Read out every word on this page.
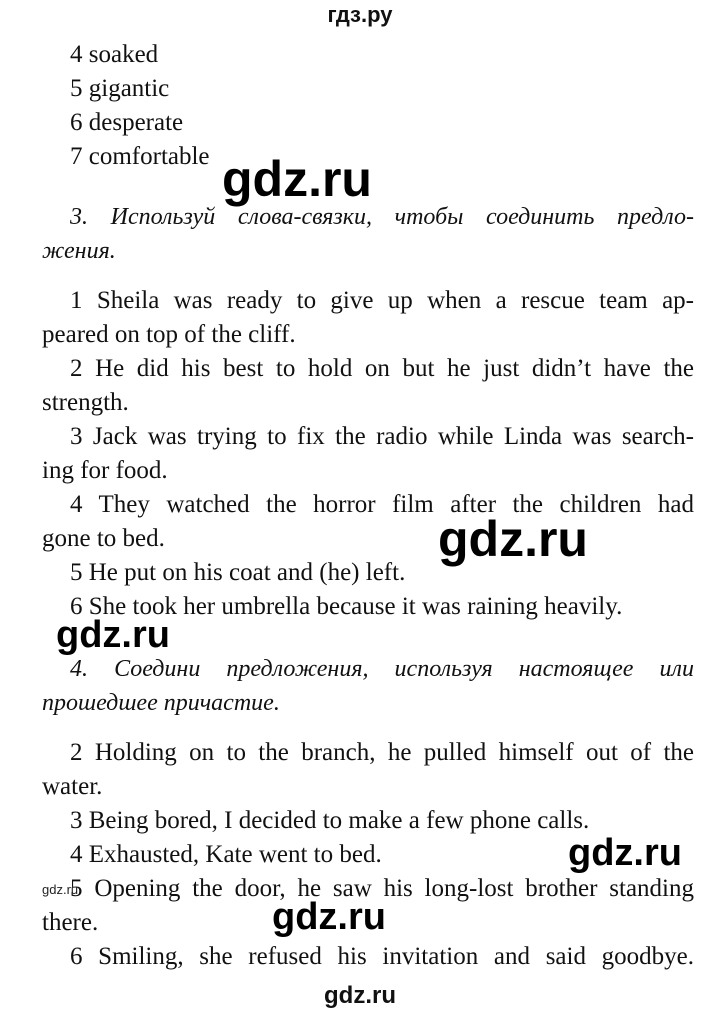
гдз.ру
4 soaked
5 gigantic
6 desperate
7 comfortable
3. Используй слова-связки, чтобы соединить предло-
жения.
1 Sheila was ready to give up when a rescue team ap-
peared on top of the cliff.
2 He did his best to hold on but he just didn’t have the
strength.
3 Jack was trying to fix the radio while Linda was search-
ing for food.
4 They watched the horror film after the children had
gone to bed.
5 He put on his coat and (he) left.
6 She took her umbrella because it was raining heavily.
4. Соедини предложения, используя настоящее или
прошедшее причастие.
2 Holding on to the branch, he pulled himself out of the
water.
3 Being bored, I decided to make a few phone calls.
4 Exhausted, Kate went to bed.
5 Opening the door, he saw his long-lost brother standing
there.
6 Smiling, she refused his invitation and said goodbye.
gdz.ru
gdz.ru
gdz.ru
gdz.ru
gdz.ru
gdz.ru
gdz.ru
